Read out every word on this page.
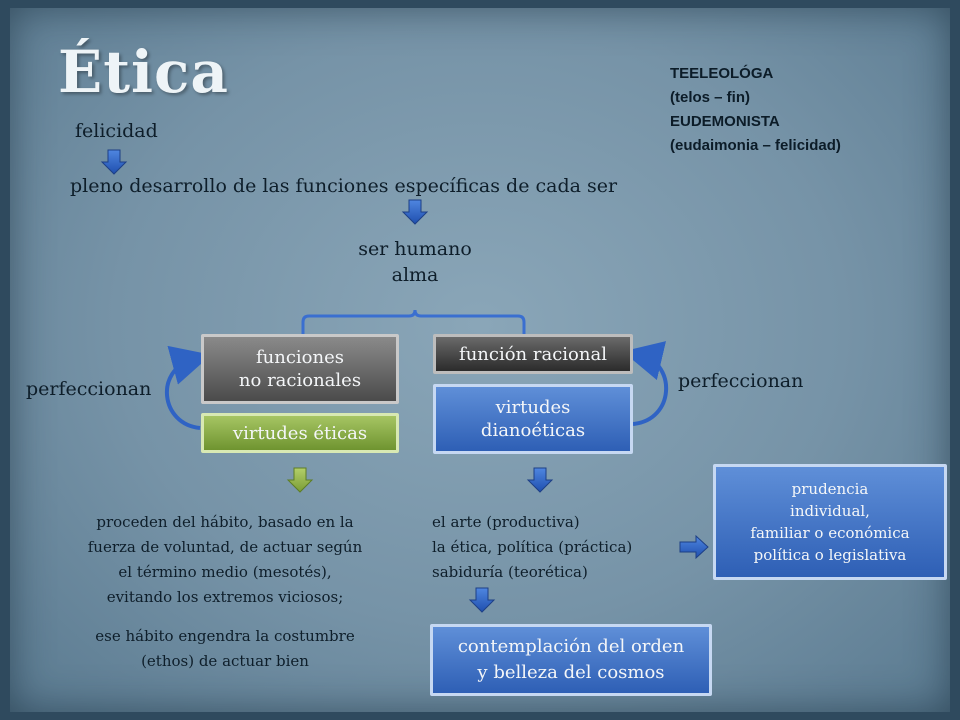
Ética	TEELEOLÓGA
(telos – fin)
EUDEMONISTA
(eudaimonia – felicidad)
felicidad
pleno desarrollo de las funciones específicas de cada ser
ser humano
alma
funciones
no racionales
función racional
virtudes éticas
virtudes
dianoéticas
perfeccionan	perfeccionan
proceden del hábito, basado en la
fuerza de voluntad, de actuar según
el término medio (mesotés),
evitando los extremos viciosos;
ese hábito engendra la costumbre
(ethos) de actuar bien
el arte (productiva)
la ética, política (práctica)
sabiduría (teorética)
prudencia
individual,
familiar o económica
política o legislativa
contemplación del orden
y belleza del cosmos
